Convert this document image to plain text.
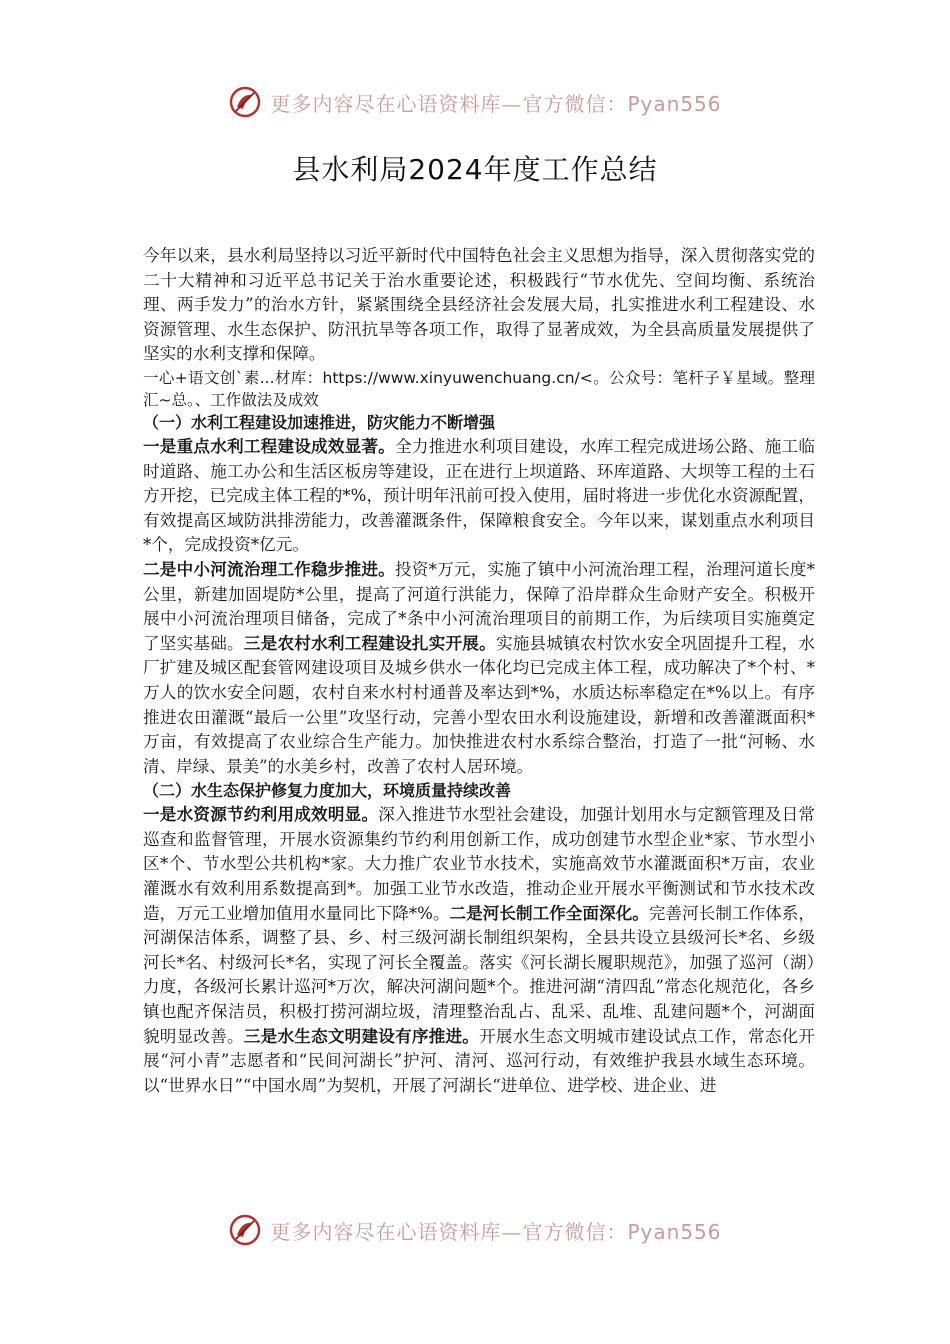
更多内容尽在心语资料库—官方微信：Pyan556
县水利局2024年度工作总结

今年以来，县水利局坚持以习近平新时代中国特色社会主义思想为指导，深入贯彻落实党的二十大精神和习近平总书记关于治水重要论述，积极践行“节水优先、空间均衡、系统治理、两手发力”的治水方针，紧紧围绕全县经济社会发展大局，扎实推进水利工程建设、水资源管理、水生态保护、防汛抗旱等各项工作，取得了显著成效，为全县高质量发展提供了坚实的水利支撑和保障。

一心+语文创`素...材库：https://www.xinyuwenchuang.cn/<。公众号：笔杆子￥星域。整理汇~总。、工作做法及成效

（一）水利工程建设加速推进，防灾能力不断增强

一是重点水利工程建设成效显著。全力推进水利项目建设，水库工程完成进场公路、施工临时道路、施工办公和生活区板房等建设，正在进行上坝道路、环库道路、大坝等工程的土石方开挖，已完成主体工程的*%，预计明年汛前可投入使用，届时将进一步优化水资源配置，有效提高区域防洪排涝能力，改善灌溉条件，保障粮食安全。今年以来，谋划重点水利项目*个，完成投资*亿元。

二是中小河流治理工作稳步推进。投资*万元，实施了镇中小河流治理工程，治理河道长度*公里，新建加固堤防*公里，提高了河道行洪能力，保障了沿岸群众生命财产安全。积极开展中小河流治理项目储备，完成了*条中小河流治理项目的前期工作，为后续项目实施奠定了坚实基础。三是农村水利工程建设扎实开展。实施县城镇农村饮水安全巩固提升工程，水厂扩建及城区配套管网建设项目及城乡供水一体化均已完成主体工程，成功解决了*个村、*万人的饮水安全问题，农村自来水村村通普及率达到*%，水质达标率稳定在*%以上。有序推进农田灌溉“最后一公里”攻坚行动，完善小型农田水利设施建设，新增和改善灌溉面积*万亩，有效提高了农业综合生产能力。加快推进农村水系综合整治，打造了一批“河畅、水清、岸绿、景美”的水美乡村，改善了农村人居环境。

（二）水生态保护修复力度加大，环境质量持续改善

一是水资源节约利用成效明显。深入推进节水型社会建设，加强计划用水与定额管理及日常巡查和监督管理，开展水资源集约节约利用创新工作，成功创建节水型企业*家、节水型小区*个、节水型公共机构*家。大力推广农业节水技术，实施高效节水灌溉面积*万亩，农业灌溉水有效利用系数提高到*。加强工业节水改造，推动企业开展水平衡测试和节水技术改造，万元工业增加值用水量同比下降*%。二是河长制工作全面深化。完善河长制工作体系，河湖保洁体系，调整了县、乡、村三级河湖长制组织架构，全县共设立县级河长*名、乡级河长*名、村级河长*名，实现了河长全覆盖。落实《河长湖长履职规范》，加强了巡河（湖）力度，各级河长累计巡河*万次，解决河湖问题*个。推进河湖“清四乱”常态化规范化，各乡镇也配齐保洁员，积极打捞河湖垃圾，清理整治乱占、乱采、乱堆、乱建问题*个，河湖面貌明显改善。三是水生态文明建设有序推进。开展水生态文明城市建设试点工作，常态化开展“河小青”志愿者和“民间河湖长”护河、清河、巡河行动，有效维护我县水域生态环境。以“世界水日”“中国水周”为契机，开展了河湖长“进单位、进学校、进企业、进

更多内容尽在心语资料库—官方微信：Pyan556
